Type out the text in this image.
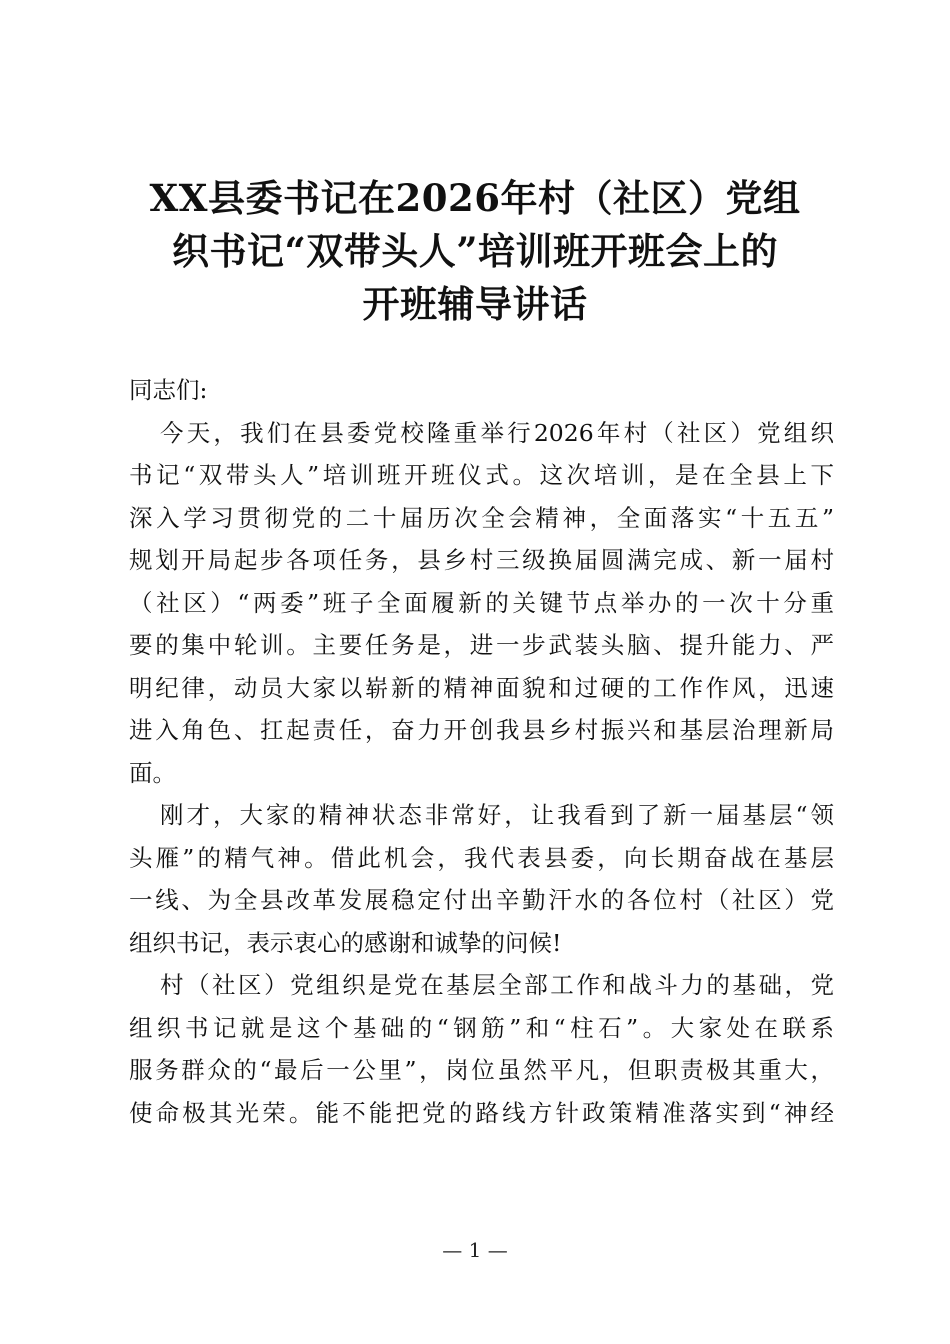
XX县委书记在2026年村（社区）党组
织书记“双带头人”培训班开班会上的
开班辅导讲话
同志们:
今天，我们在县委党校隆重举行2026年村（社区）党组织
书记“双带头人”培训班开班仪式。这次培训，是在全县上下
深入学习贯彻党的二十届历次全会精神，全面落实“十五五”
规划开局起步各项任务，县乡村三级换届圆满完成、新一届村
（社区）“两委”班子全面履新的关键节点举办的一次十分重
要的集中轮训。主要任务是，进一步武装头脑、提升能力、严
明纪律，动员大家以崭新的精神面貌和过硬的工作作风，迅速
进入角色、扛起责任，奋力开创我县乡村振兴和基层治理新局
面。
刚才，大家的精神状态非常好，让我看到了新一届基层“领
头雁”的精气神。借此机会，我代表县委，向长期奋战在基层
一线、为全县改革发展稳定付出辛勤汗水的各位村（社区）党
组织书记，表示衷心的感谢和诚挚的问候!
村（社区）党组织是党在基层全部工作和战斗力的基础，党
组织书记就是这个基础的“钢筋”和“柱石”。大家处在联系
服务群众的“最后一公里”，岗位虽然平凡，但职责极其重大，
使命极其光荣。能不能把党的路线方针政策精准落实到“神经
— 1 —
